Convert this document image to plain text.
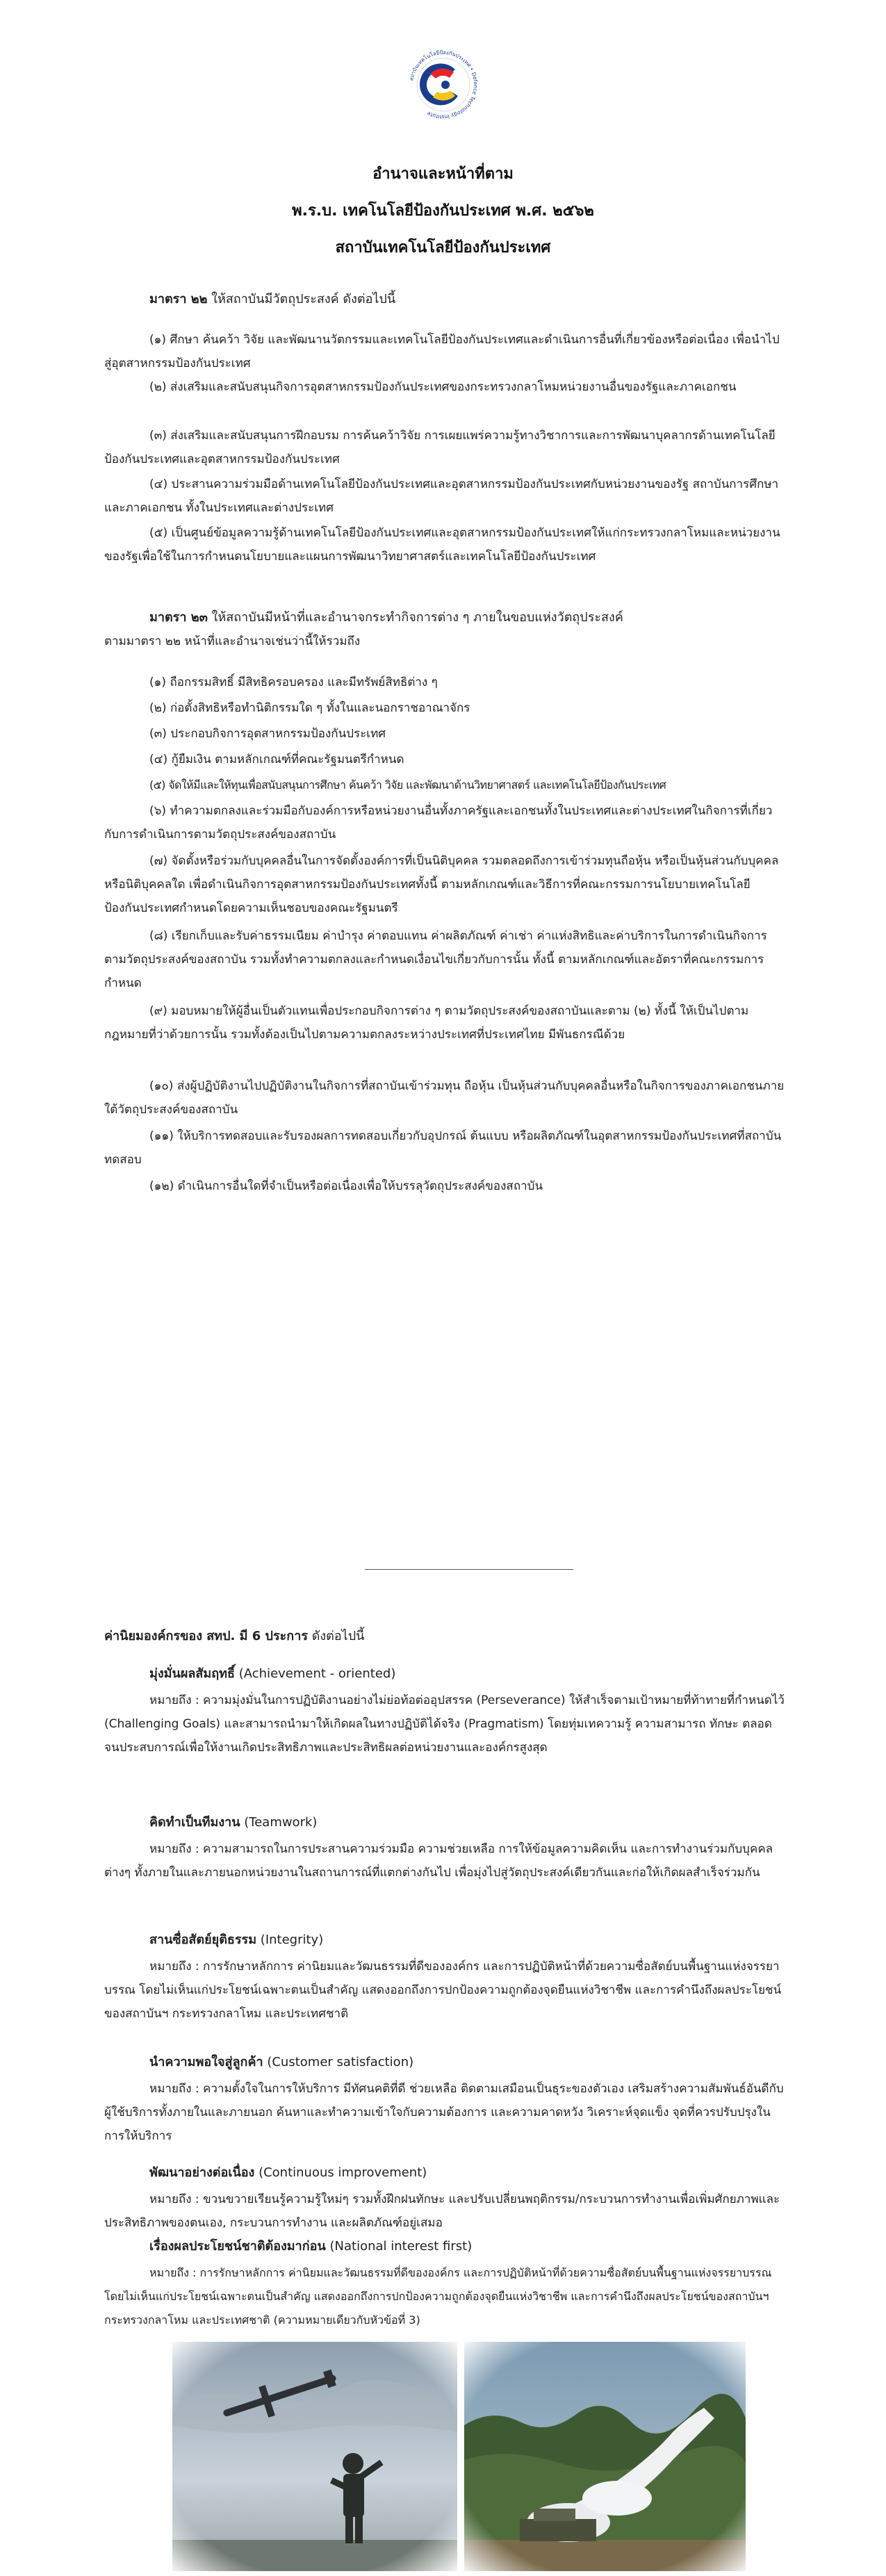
สถาบันเทคโนโลยีป้องกันประเทศ • Defence Technology Institute
อำนาจและหน้าที่ตาม
พ.ร.บ. เทคโนโลยีป้องกันประเทศ พ.ศ. ๒๕๖๒
สถาบันเทคโนโลยีป้องกันประเทศ

มาตรา ๒๒ ให้สถาบันมีวัตถุประสงค์ ดังต่อไปนี้

(๑) ศึกษา ค้นคว้า วิจัย และพัฒนานวัตกรรมและเทคโนโลยีป้องกันประเทศและดำเนินการอื่นที่เกี่ยวข้องหรือต่อเนื่อง เพื่อนำไปสู่อุตสาหกรรมป้องกันประเทศ

(๒) ส่งเสริมและสนับสนุนกิจการอุตสาหกรรมป้องกันประเทศของกระทรวงกลาโหมหน่วยงานอื่นของรัฐและภาคเอกชน

(๓) ส่งเสริมและสนับสนุนการฝึกอบรม การค้นคว้าวิจัย การเผยแพร่ความรู้ทางวิชาการและการพัฒนาบุคลากรด้านเทคโนโลยีป้องกันประเทศและอุตสาหกรรมป้องกันประเทศ

(๔) ประสานความร่วมมือด้านเทคโนโลยีป้องกันประเทศและอุตสาหกรรมป้องกันประเทศกับหน่วยงานของรัฐ สถาบันการศึกษา และภาคเอกชน ทั้งในประเทศและต่างประเทศ

(๕) เป็นศูนย์ข้อมูลความรู้ด้านเทคโนโลยีป้องกันประเทศและอุตสาหกรรมป้องกันประเทศให้แก่กระทรวงกลาโหมและหน่วยงานของรัฐเพื่อใช้ในการกำหนดนโยบายและแผนการพัฒนาวิทยาศาสตร์และเทคโนโลยีป้องกันประเทศ

มาตรา ๒๓ ให้สถาบันมีหน้าที่และอำนาจกระทำกิจการต่าง ๆ ภายในขอบแห่งวัตถุประสงค์

ตามมาตรา ๒๒ หน้าที่และอำนาจเช่นว่านี้ให้รวมถึง

(๑) ถือกรรมสิทธิ์ มีสิทธิครอบครอง และมีทรัพย์สิทธิต่าง ๆ

(๒) ก่อตั้งสิทธิหรือทำนิติกรรมใด ๆ ทั้งในและนอกราชอาณาจักร

(๓) ประกอบกิจการอุตสาหกรรมป้องกันประเทศ

(๔) กู้ยืมเงิน ตามหลักเกณฑ์ที่คณะรัฐมนตรีกำหนด

(๕) จัดให้มีและให้ทุนเพื่อสนับสนุนการศึกษา ค้นคว้า วิจัย และพัฒนาด้านวิทยาศาสตร์ และเทคโนโลยีป้องกันประเทศ

(๖) ทำความตกลงและร่วมมือกับองค์การหรือหน่วยงานอื่นทั้งภาครัฐและเอกชนทั้งในประเทศและต่างประเทศในกิจการที่เกี่ยวกับการดำเนินการตามวัตถุประสงค์ของสถาบัน

(๗) จัดตั้งหรือร่วมกับบุคคลอื่นในการจัดตั้งองค์การที่เป็นนิติบุคคล รวมตลอดถึงการเข้าร่วมทุนถือหุ้น หรือเป็นหุ้นส่วนกับบุคคลหรือนิติบุคคลใด เพื่อดำเนินกิจการอุตสาหกรรมป้องกันประเทศทั้งนี้ ตามหลักเกณฑ์และวิธีการที่คณะกรรมการนโยบายเทคโนโลยีป้องกันประเทศกำหนดโดยความเห็นชอบของคณะรัฐมนตรี

(๘) เรียกเก็บและรับค่าธรรมเนียม ค่าบำรุง ค่าตอบแทน ค่าผลิตภัณฑ์ ค่าเช่า ค่าแห่งสิทธิและค่าบริการในการดำเนินกิจการตามวัตถุประสงค์ของสถาบัน รวมทั้งทำความตกลงและกำหนดเงื่อนไขเกี่ยวกับการนั้น ทั้งนี้ ตามหลักเกณฑ์และอัตราที่คณะกรรมการกำหนด

(๙) มอบหมายให้ผู้อื่นเป็นตัวแทนเพื่อประกอบกิจการต่าง ๆ ตามวัตถุประสงค์ของสถาบันและตาม (๒) ทั้งนี้ ให้เป็นไปตามกฎหมายที่ว่าด้วยการนั้น รวมทั้งต้องเป็นไปตามความตกลงระหว่างประเทศที่ประเทศไทย มีพันธกรณีด้วย

(๑๐) ส่งผู้ปฏิบัติงานไปปฏิบัติงานในกิจการที่สถาบันเข้าร่วมทุน ถือหุ้น เป็นหุ้นส่วนกับบุคคลอื่นหรือในกิจการของภาคเอกชนภายใต้วัตถุประสงค์ของสถาบัน

(๑๑) ให้บริการทดสอบและรับรองผลการทดสอบเกี่ยวกับอุปกรณ์ ต้นแบบ หรือผลิตภัณฑ์ในอุตสาหกรรมป้องกันประเทศที่สถาบันทดสอบ

(๑๒) ดำเนินการอื่นใดที่จำเป็นหรือต่อเนื่องเพื่อให้บรรลุวัตถุประสงค์ของสถาบัน

ค่านิยมองค์กรของ สทป. มี 6 ประการ ดังต่อไปนี้

มุ่งมั่นผลสัมฤทธิ์ (Achievement - oriented)

หมายถึง : ความมุ่งมั่นในการปฏิบัติงานอย่างไม่ย่อท้อต่ออุปสรรค (Perseverance) ให้สำเร็จตามเป้าหมายที่ท้าทายที่กำหนดไว้ (Challenging Goals) และสามารถนำมาให้เกิดผลในทางปฏิบัติได้จริง (Pragmatism) โดยทุ่มเทความรู้ ความสามารถ ทักษะ ตลอดจนประสบการณ์เพื่อให้งานเกิดประสิทธิภาพและประสิทธิผลต่อหน่วยงานและองค์กรสูงสุด

คิดทำเป็นทีมงาน (Teamwork)

หมายถึง : ความสามารถในการประสานความร่วมมือ ความช่วยเหลือ การให้ข้อมูลความคิดเห็น และการทำงานร่วมกับบุคคลต่างๆ ทั้งภายในและภายนอกหน่วยงานในสถานการณ์ที่แตกต่างกันไป เพื่อมุ่งไปสู่วัตถุประสงค์เดียวกันและก่อให้เกิดผลสำเร็จร่วมกัน

สานซื่อสัตย์ยุติธรรม (Integrity)

หมายถึง : การรักษาหลักการ ค่านิยมและวัฒนธรรมที่ดีขององค์กร และการปฏิบัติหน้าที่ด้วยความซื่อสัตย์บนพื้นฐานแห่งจรรยาบรรณ โดยไม่เห็นแก่ประโยชน์เฉพาะตนเป็นสำคัญ แสดงออกถึงการปกป้องความถูกต้องจุดยืนแห่งวิชาชีพ และการคำนึงถึงผลประโยชน์ของสถาบันฯ กระทรวงกลาโหม และประเทศชาติ

นำความพอใจสู่ลูกค้า (Customer satisfaction)

หมายถึง : ความตั้งใจในการให้บริการ มีทัศนคติที่ดี ช่วยเหลือ ติดตามเสมือนเป็นธุระของตัวเอง เสริมสร้างความสัมพันธ์อันดีกับผู้ใช้บริการทั้งภายในและภายนอก ค้นหาและทำความเข้าใจกับความต้องการ และความคาดหวัง วิเคราะห์จุดแข็ง จุดที่ควรปรับปรุงในการให้บริการ

พัฒนาอย่างต่อเนื่อง (Continuous improvement)

หมายถึง : ขวนขวายเรียนรู้ความรู้ใหม่ๆ รวมทั้งฝึกฝนทักษะ และปรับเปลี่ยนพฤติกรรม/กระบวนการทำงานเพื่อเพิ่มศักยภาพและประสิทธิภาพของตนเอง, กระบวนการทำงาน และผลิตภัณฑ์อยู่เสมอ

เรื่องผลประโยชน์ชาติต้องมาก่อน (National interest first)

หมายถึง : การรักษาหลักการ ค่านิยมและวัฒนธรรมที่ดีขององค์กร และการปฏิบัติหน้าที่ด้วยความซื่อสัตย์บนพื้นฐานแห่งจรรยาบรรณ โดยไม่เห็นแก่ประโยชน์เฉพาะตนเป็นสำคัญ แสดงออกถึงการปกป้องความถูกต้องจุดยืนแห่งวิชาชีพ และการคำนึงถึงผลประโยชน์ของสถาบันฯ กระทรวงกลาโหม และประเทศชาติ (ความหมายเดียวกับหัวข้อที่ 3)
